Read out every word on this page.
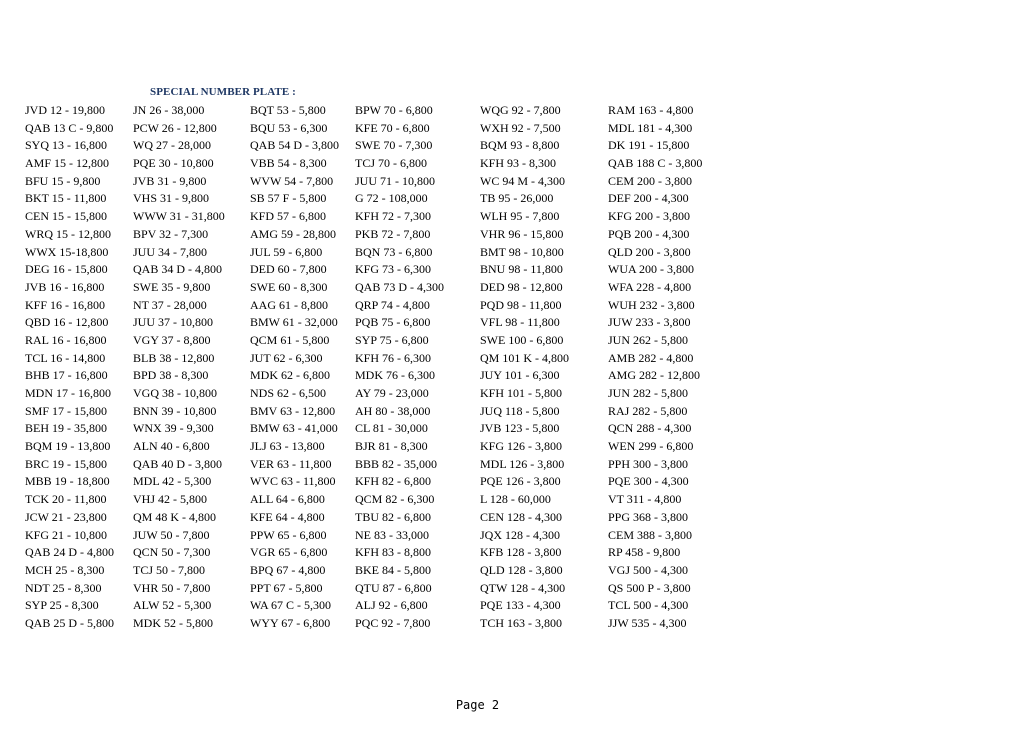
SPECIAL NUMBER PLATE :
JVD 12 - 19,800
QAB 13 C - 9,800
SYQ 13 - 16,800
AMF 15 - 12,800
BFU 15 - 9,800
BKT 15 - 11,800
CEN 15 - 15,800
WRQ 15 - 12,800
WWX 15-18,800
DEG 16 - 15,800
JVB 16 - 16,800
KFF 16 - 16,800
QBD 16 - 12,800
RAL 16 - 16,800
TCL 16 - 14,800
BHB 17 - 16,800
MDN 17 - 16,800
SMF 17 - 15,800
BEH 19 - 35,800
BQM 19 - 13,800
BRC 19 - 15,800
MBB 19 - 18,800
TCK 20 - 11,800
JCW 21 - 23,800
KFG 21 - 10,800
QAB 24 D - 4,800
MCH 25 - 8,300
NDT 25 - 8,300
SYP 25 - 8,300
QAB 25 D - 5,800
JN 26 - 38,000
PCW 26 - 12,800
WQ 27 - 28,000
PQE 30 - 10,800
JVB 31 - 9,800
VHS 31 - 9,800
WWW 31 - 31,800
BPV 32 - 7,300
JUU 34 - 7,800
QAB 34 D - 4,800
SWE 35 - 9,800
NT 37 - 28,000
JUU 37 - 10,800
VGY 37 - 8,800
BLB 38 - 12,800
BPD 38 - 8,300
VGQ 38 - 10,800
BNN 39 - 10,800
WNX 39 - 9,300
ALN 40 - 6,800
QAB 40 D - 3,800
MDL 42 - 5,300
VHJ 42 - 5,800
QM 48 K - 4,800
JUW 50 - 7,800
QCN 50 - 7,300
TCJ 50 - 7,800
VHR 50 - 7,800
ALW 52 - 5,300
MDK 52 - 5,800
BQT 53 - 5,800
BQU 53 - 6,300
QAB 54 D - 3,800
VBB 54 - 8,300
WVW 54 - 7,800
SB 57 F - 5,800
KFD 57 - 6,800
AMG 59 - 28,800
JUL 59 - 6,800
DED 60 - 7,800
SWE 60 - 8,300
AAG 61 - 8,800
BMW 61 - 32,000
QCM 61 - 5,800
JUT 62 - 6,300
MDK 62 - 6,800
NDS 62 - 6,500
BMV 63 - 12,800
BMW 63 - 41,000
JLJ 63 - 13,800
VER 63 - 11,800
WVC 63 - 11,800
ALL 64 - 6,800
KFE 64 - 4,800
PPW 65 - 6,800
VGR 65 - 6,800
BPQ 67 - 4,800
PPT 67 - 5,800
WA 67 C - 5,300
WYY 67 - 6,800
BPW 70 - 6,800
KFE 70 - 6,800
SWE 70 - 7,300
TCJ 70 - 6,800
JUU 71 - 10,800
G 72 - 108,000
KFH 72 - 7,300
PKB 72 - 7,800
BQN 73 - 6,800
KFG 73 - 6,300
QAB 73 D - 4,300
QRP 74 - 4,800
PQB 75 - 6,800
SYP 75 - 6,800
KFH 76 - 6,300
MDK 76 - 6,300
AY 79 - 23,000
AH 80 - 38,000
CL 81 - 30,000
BJR 81 - 8,300
BBB 82 - 35,000
KFH 82 - 6,800
QCM 82 - 6,300
TBU 82 - 6,800
NE 83 - 33,000
KFH 83 - 8,800
BKE 84 - 5,800
QTU 87 - 6,800
ALJ 92 - 6,800
PQC 92 - 7,800
WQG 92 - 7,800
WXH 92 - 7,500
BQM 93 - 8,800
KFH 93 - 8,300
WC 94 M - 4,300
TB 95 - 26,000
WLH 95 - 7,800
VHR 96 - 15,800
BMT 98 - 10,800
BNU 98 - 11,800
DED 98 - 12,800
PQD 98 - 11,800
VFL 98 - 11,800
SWE 100 - 6,800
QM 101 K - 4,800
JUY 101 - 6,300
KFH 101 - 5,800
JUQ 118 - 5,800
JVB 123 - 5,800
KFG 126 - 3,800
MDL 126 - 3,800
PQE 126 - 3,800
L 128 - 60,000
CEN 128 - 4,300
JQX 128 - 4,300
KFB 128 - 3,800
QLD 128 - 3,800
QTW 128 - 4,300
PQE 133 - 4,300
TCH 163 - 3,800
RAM 163 - 4,800
MDL 181 - 4,300
DK 191 - 15,800
QAB 188 C - 3,800
CEM 200 - 3,800
DEF 200 - 4,300
KFG 200 - 3,800
PQB 200 - 4,300
QLD 200 - 3,800
WUA 200 - 3,800
WFA 228 - 4,800
WUH 232 - 3,800
JUW 233 - 3,800
JUN 262 - 5,800
AMB 282 - 4,800
AMG 282 - 12,800
JUN 282 - 5,800
RAJ 282 - 5,800
QCN 288 - 4,300
WEN 299 - 6,800
PPH 300 - 3,800
PQE 300 - 4,300
VT 311 - 4,800
PPG 368 - 3,800
CEM 388 - 3,800
RP 458 - 9,800
VGJ 500 - 4,300
QS 500 P - 3,800
TCL 500 - 4,300
JJW 535 - 4,300
Page 2
